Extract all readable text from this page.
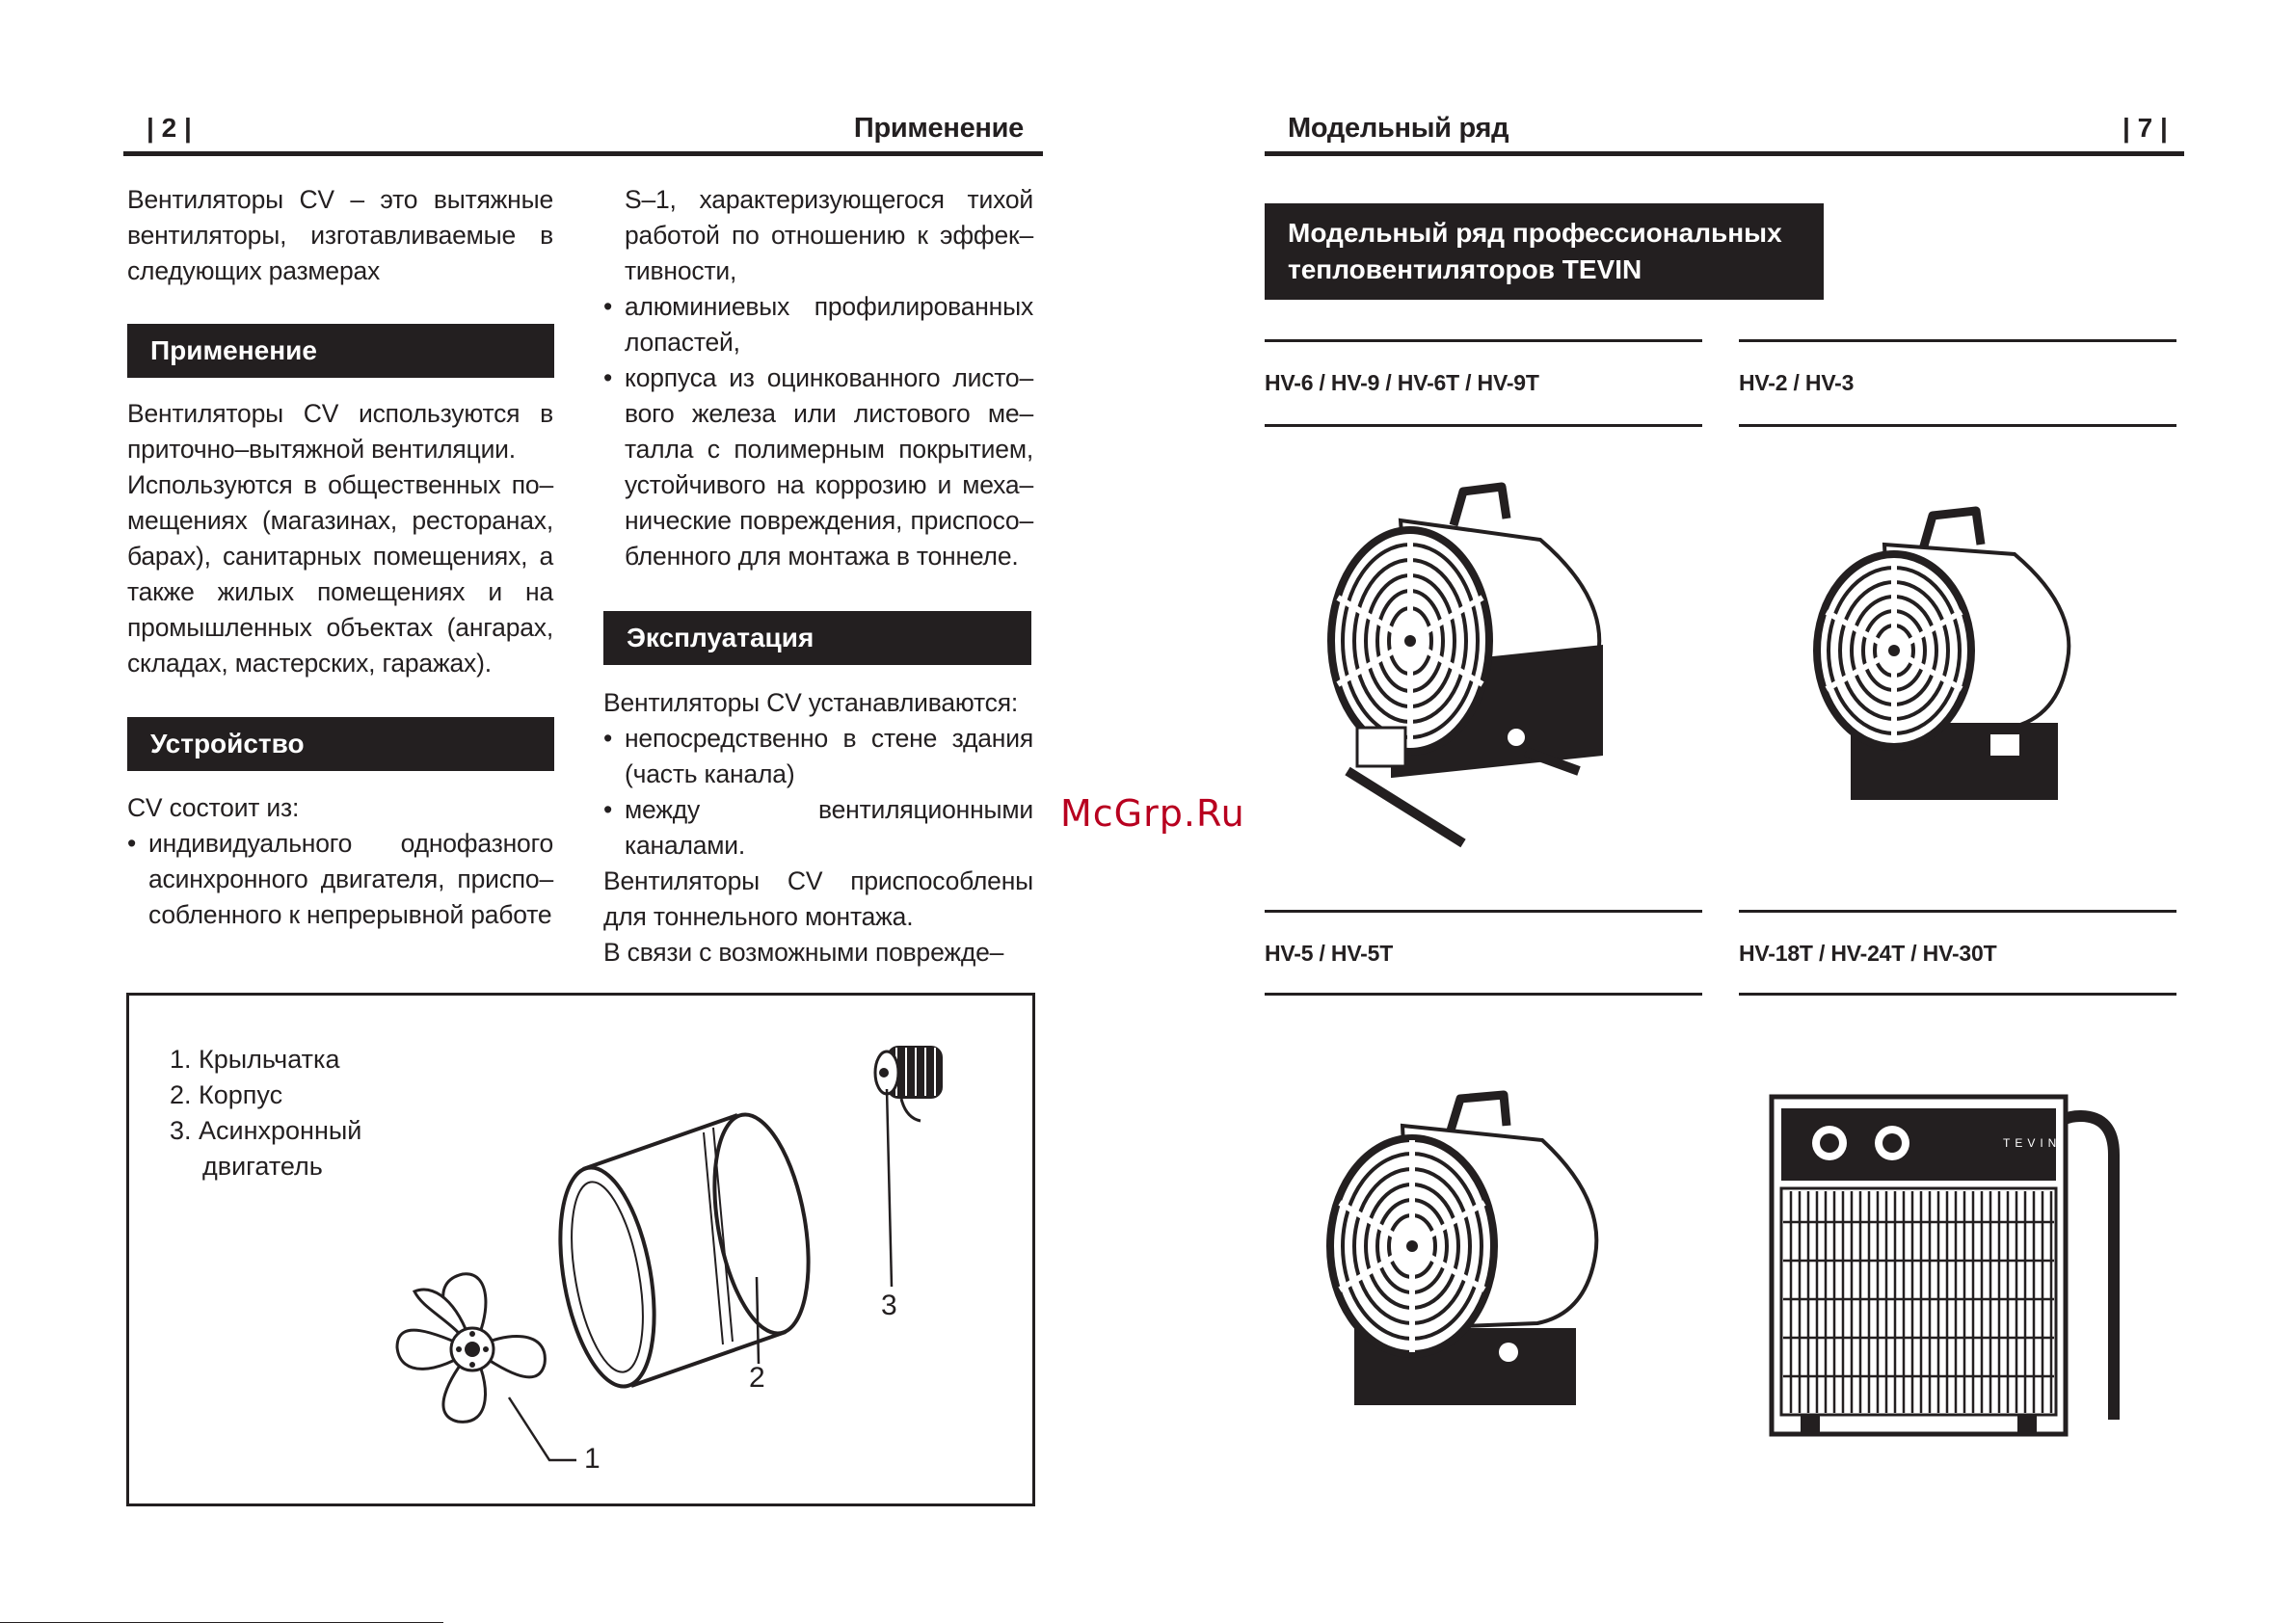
| 2 |	Применение

Вентиляторы CV – это вытяжные вентиляторы, изготавливаемые в следующих размерах

Применение

Вентиляторы CV используются в приточно–вытяжной вентиляции.

Используются в общественных по–мещениях (магазинах, ресторанах, барах), санитарных помещениях, а также жилых помещениях и на промышленных объектах (ангарах, складах, мастерских, гаражах).

Устройство

CV состоит из:

• индивидуального однофазного асинхронного двигателя, приспо–собленного к непрерывной работе

S–1, характеризующегося тихой работой по отношению к эффек–тивности,

• алюминиевых профилированных лопастей,
• корпуса из оцинкованного листо–вого железа или листового ме–талла с полимерным покрытием, устойчивого на коррозию и меха–нические повреждения, приспосо–бленного для монтажа в тоннеле.
Эксплуатация

Вентиляторы CV устанавливаются:

• непосредственно в стене здания (часть канала)
• между вентиляционными каналами.

Вентиляторы CV приспособлены для тоннельного монтажа.

В связи с возможными поврежде–

1. Крыльчатка
2. Корпус
3. Асинхронный
двигатель
1
2
3
Модельный ряд	| 7 |
Модельный ряд профессиональных
тепловентиляторов TEVIN
HV-6 / HV-9 / HV-6T / HV-9T	HV-2 / HV-3
HV-5 / HV-5T	HV-18T / HV-24T / HV-30T
TEVIN
McGrp.Ru
